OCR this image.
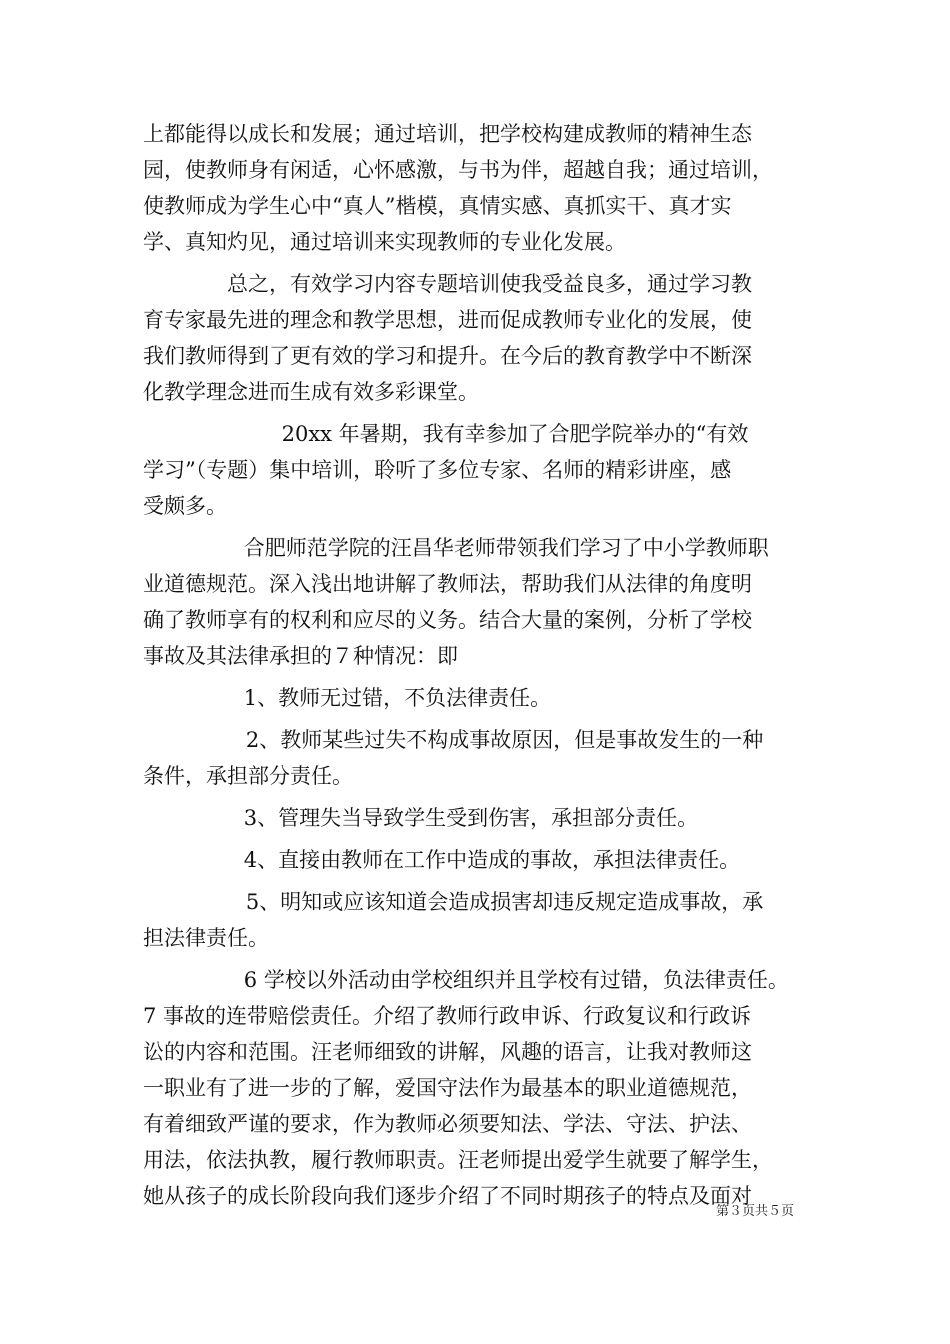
上都能得以成长和发展；通过培训，把学校构建成教师的精神生态
园，使教师身有闲适，心怀感激，与书为伴，超越自我；通过培训，
使教师成为学生心中“真人”楷模，真情实感、真抓实干、真才实
学、真知灼见，通过培训来实现教师的专业化发展。
总之，有效学习内容专题培训使我受益良多，通过学习教
育专家最先进的理念和教学思想，进而促成教师专业化的发展，使
我们教师得到了更有效的学习和提升。在今后的教育教学中不断深
化教学理念进而生成有效多彩课堂。
20xx 年暑期，我有幸参加了合肥学院举办的“有效
学习”（专题）集中培训，聆听了多位专家、名师的精彩讲座，感
受颇多。
合肥师范学院的汪昌华老师带领我们学习了中小学教师职
业道德规范。深入浅出地讲解了教师法，帮助我们从法律的角度明
确了教师享有的权利和应尽的义务。结合大量的案例，分析了学校
事故及其法律承担的７种情况：即
1、教师无过错，不负法律责任。
2、教师某些过失不构成事故原因，但是事故发生的一种
条件，承担部分责任。
3、管理失当导致学生受到伤害，承担部分责任。
4、直接由教师在工作中造成的事故，承担法律责任。
5、明知或应该知道会造成损害却违反规定造成事故，承
担法律责任。
6 学校以外活动由学校组织并且学校有过错，负法律责任。
7 事故的连带赔偿责任。介绍了教师行政申诉、行政复议和行政诉
讼的内容和范围。汪老师细致的讲解，风趣的语言，让我对教师这
一职业有了进一步的了解，爱国守法作为最基本的职业道德规范，
有着细致严谨的要求，作为教师必须要知法、学法、守法、护法、
用法，依法执教，履行教师职责。汪老师提出爱学生就要了解学生，
她从孩子的成长阶段向我们逐步介绍了不同时期孩子的特点及面对
第３页共５页
